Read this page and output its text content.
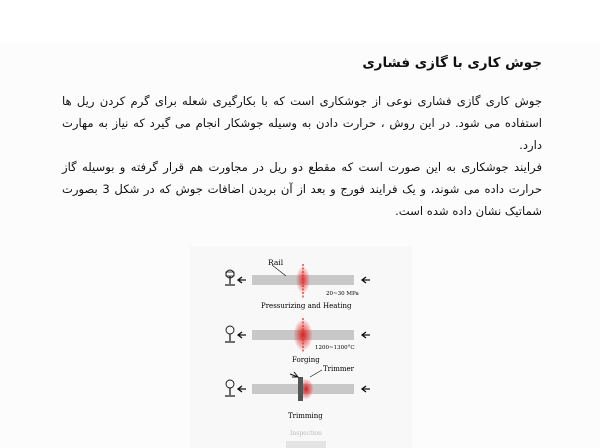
جوش کاری با گازی فشاری
جوش کاری گازی فشاری نوعی از جوشکاری است که با بکارگیری شعله برای گرم کردن ریل ها استفاده می شود. در این روش ، حرارت دادن به وسیله جوشکار انجام می گیرد که نیاز به مهارت دارد.
فرایند جوشکاری به این صورت است که مقطع دو ریل در مجاورت هم قرار گرفته و بوسیله گاز حرارت داده می شوند، و یک فرایند فورج و بعد از آن بریدن اضافات جوش که در شکل 3 بصورت شماتیک نشان داده شده است.
Rail
20~30 MPa
Pressurizing and Heating
1200~1300°C
Forging
Trimmer
Trimming
Inspection
